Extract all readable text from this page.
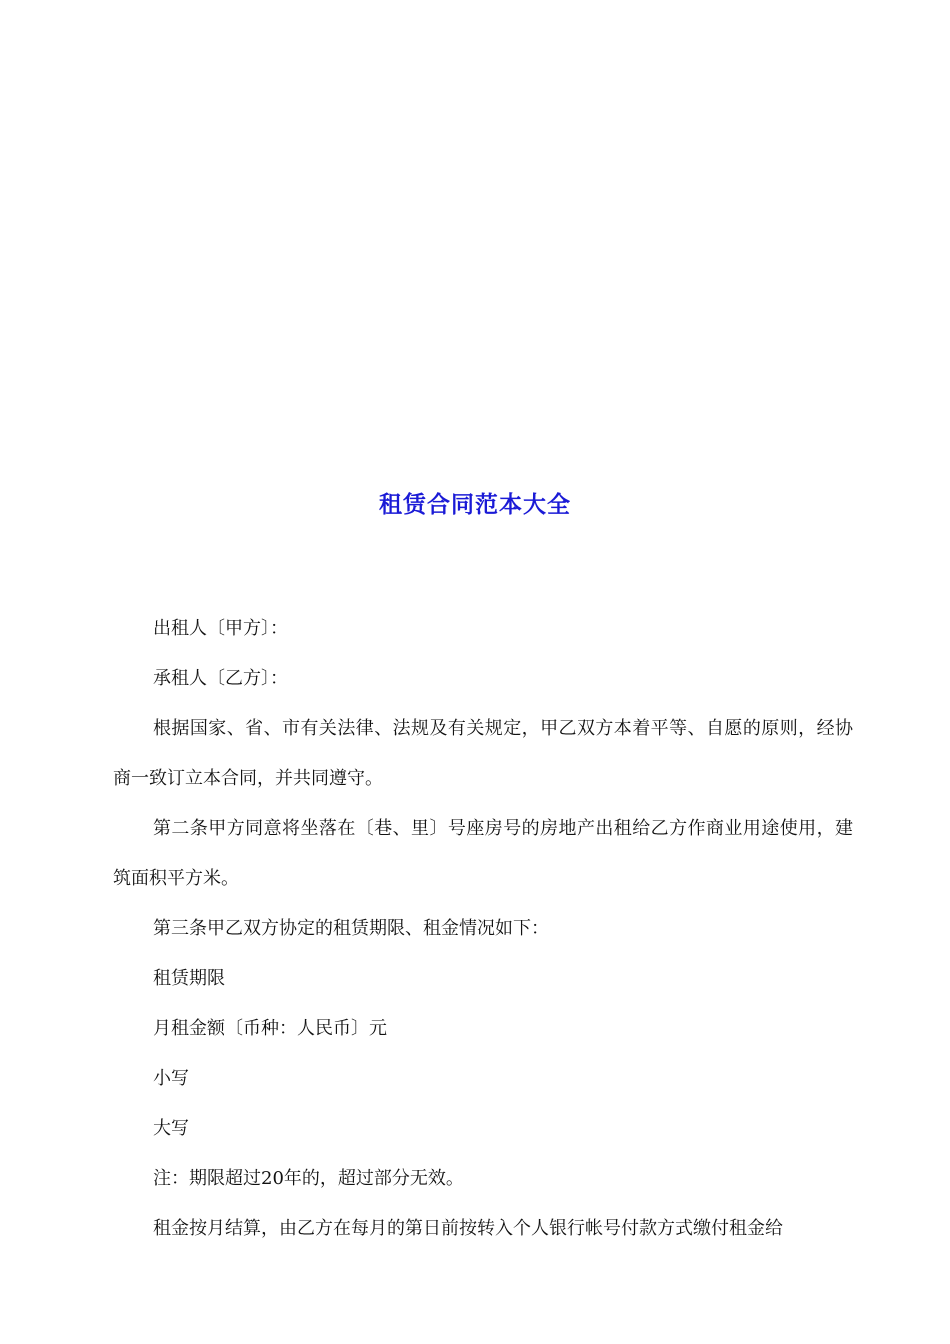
租赁合同范本大全

出租人〔甲方〕：

承租人〔乙方〕：

根据国家、省、市有关法律、法规及有关规定，甲乙双方本着平等、自愿的原则，经协商一致订立本合同，并共同遵守。

第二条甲方同意将坐落在〔巷、里〕号座房号的房地产出租给乙方作商业用途使用，建筑面积平方米。

第三条甲乙双方协定的租赁期限、租金情况如下：

租赁期限

月租金额〔币种：人民币〕元

小写

大写

注：期限超过20年的，超过部分无效。

租金按月结算，由乙方在每月的第日前按转入个人银行帐号付款方式缴付租金给
